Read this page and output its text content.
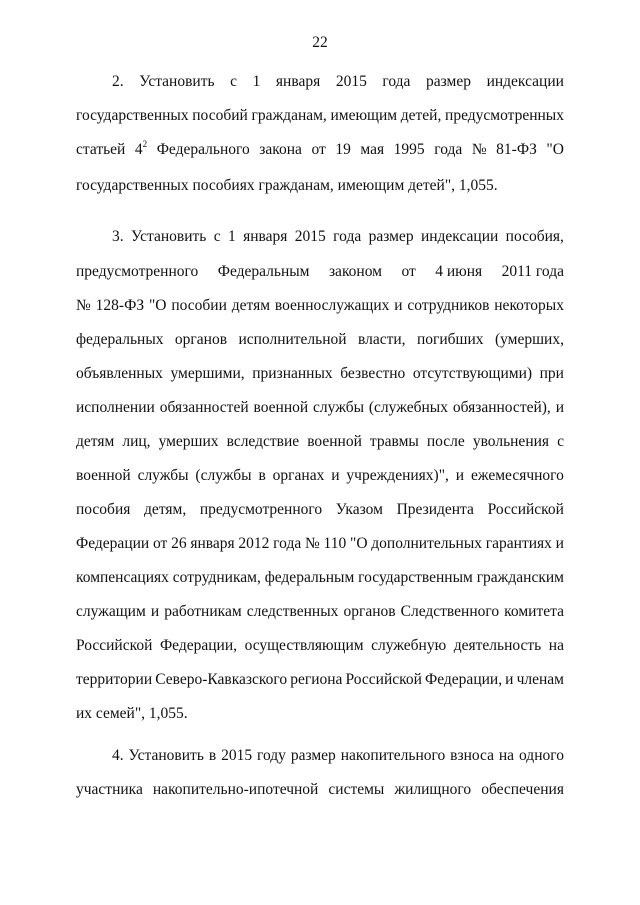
22
2. Установить с 1 января 2015 года размер индексации
государственных пособий гражданам, имеющим детей, предусмотренных
статьей $4^2$ Федерального закона от 19 мая 1995 года № 81-ФЗ "О
государственных пособиях гражданам, имеющим детей", 1,055.
3. Установить с 1 января 2015 года размер индексации пособия,
предусмотренного Федеральным законом от 4 июня 2011 года
№ 128-ФЗ "О пособии детям военнослужащих и сотрудников некоторых
федеральных органов исполнительной власти, погибших (умерших,
объявленных умершими, признанных безвестно отсутствующими) при
исполнении обязанностей военной службы (служебных обязанностей), и
детям лиц, умерших вследствие военной травмы после увольнения с
военной службы (службы в органах и учреждениях)", и ежемесячного
пособия детям, предусмотренного Указом Президента Российской
Федерации от 26 января 2012 года № 110 "О дополнительных гарантиях и
компенсациях сотрудникам, федеральным государственным гражданским
служащим и работникам следственных органов Следственного комитета
Российской Федерации, осуществляющим служебную деятельность на
территории Северо-Кавказского региона Российской Федерации, и членам
их семей", 1,055.
4. Установить в 2015 году размер накопительного взноса на одного
участника накопительно-ипотечной системы жилищного обеспечения
